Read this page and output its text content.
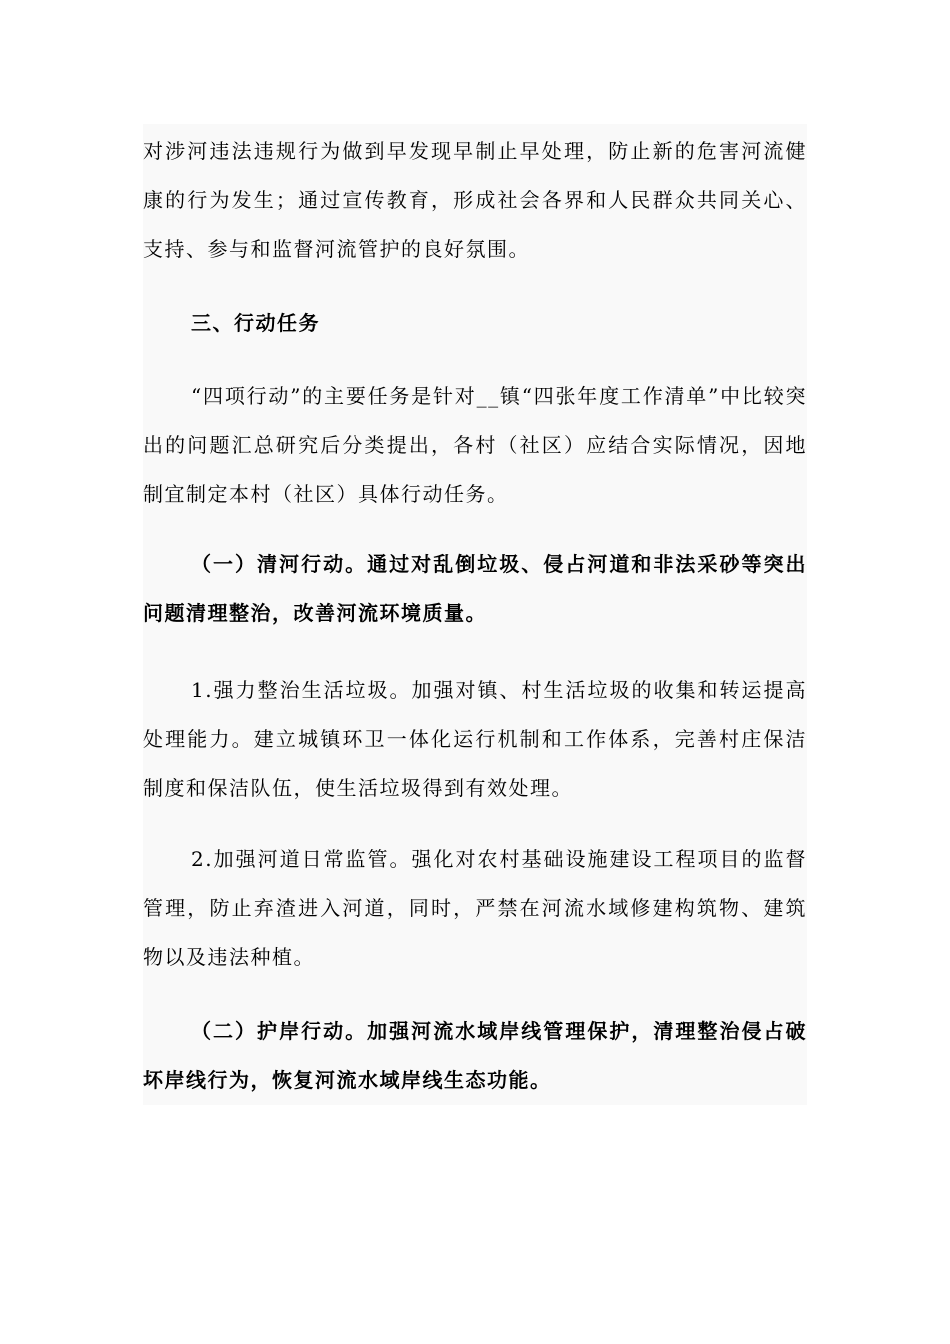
对涉河违法违规行为做到早发现早制止早处理，防止新的危害河流健康的行为发生；通过宣传教育，形成社会各界和人民群众共同关心、支持、参与和监督河流管护的良好氛围。

三、行动任务

“四项行动”的主要任务是针对__镇“四张年度工作清单”中比较突出的问题汇总研究后分类提出，各村（社区）应结合实际情况，因地制宜制定本村（社区）具体行动任务。

（一）清河行动。通过对乱倒垃圾、侵占河道和非法采砂等突出问题清理整治，改善河流环境质量。

1.强力整治生活垃圾。加强对镇、村生活垃圾的收集和转运提高处理能力。建立城镇环卫一体化运行机制和工作体系，完善村庄保洁制度和保洁队伍，使生活垃圾得到有效处理。

2.加强河道日常监管。强化对农村基础设施建设工程项目的监督管理，防止弃渣进入河道，同时，严禁在河流水域修建构筑物、建筑物以及违法种植。

（二）护岸行动。加强河流水域岸线管理保护，清理整治侵占破坏岸线行为，恢复河流水域岸线生态功能。
